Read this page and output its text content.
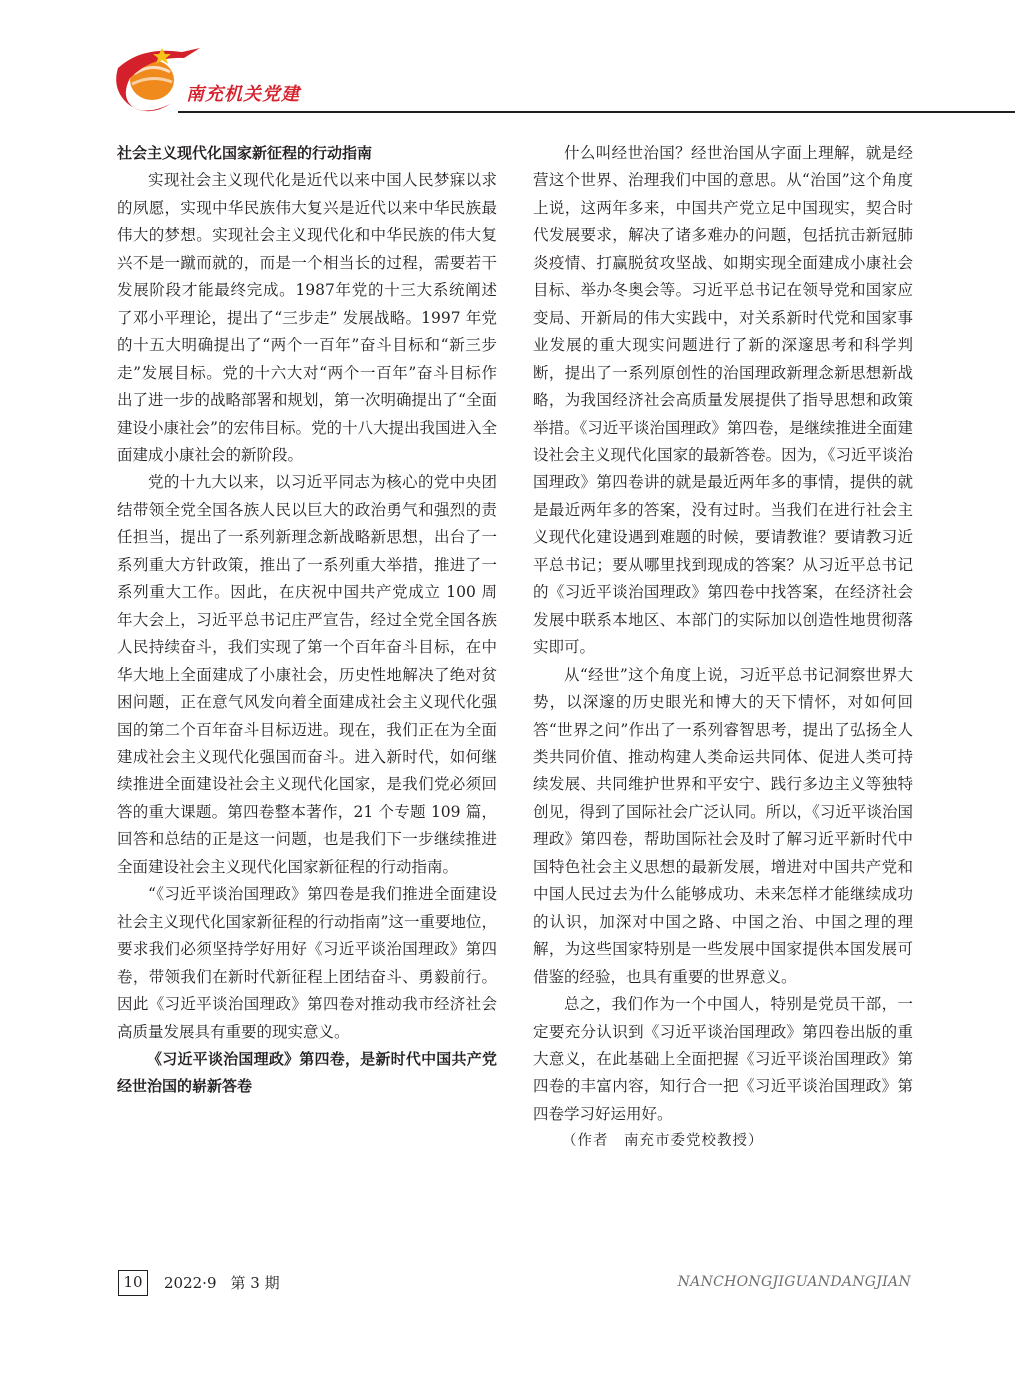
南充机关党建

社会主义现代化国家新征程的行动指南

实现社会主义现代化是近代以来中国人民梦寐以求的夙愿，实现中华民族伟大复兴是近代以来中华民族最伟大的梦想。实现社会主义现代化和中华民族的伟大复兴不是一蹴而就的，而是一个相当长的过程，需要若干发展阶段才能最终完成。1987年党的十三大系统阐述了邓小平理论，提出了“三步走” 发展战略。1997 年党的十五大明确提出了“两个一百年”奋斗目标和“新三步走”发展目标。党的十六大对“两个一百年”奋斗目标作出了进一步的战略部署和规划，第一次明确提出了“全面建设小康社会”的宏伟目标。党的十八大提出我国进入全面建成小康社会的新阶段。

党的十九大以来，以习近平同志为核心的党中央团结带领全党全国各族人民以巨大的政治勇气和强烈的责任担当，提出了一系列新理念新战略新思想，出台了一系列重大方针政策，推出了一系列重大举措，推进了一系列重大工作。因此，在庆祝中国共产党成立 100 周年大会上，习近平总书记庄严宣告，经过全党全国各族人民持续奋斗，我们实现了第一个百年奋斗目标，在中华大地上全面建成了小康社会，历史性地解决了绝对贫困问题，正在意气风发向着全面建成社会主义现代化强国的第二个百年奋斗目标迈进。现在，我们正在为全面建成社会主义现代化强国而奋斗。进入新时代，如何继续推进全面建设社会主义现代化国家，是我们党必须回答的重大课题。第四卷整本著作，21 个专题 109 篇，回答和总结的正是这一问题，也是我们下一步继续推进全面建设社会主义现代化国家新征程的行动指南。

“《习近平谈治国理政》第四卷是我们推进全面建设社会主义现代化国家新征程的行动指南”这一重要地位，要求我们必须坚持学好用好《习近平谈治国理政》第四卷，带领我们在新时代新征程上团结奋斗、勇毅前行。因此《习近平谈治国理政》第四卷对推动我市经济社会高质量发展具有重要的现实意义。

《习近平谈治国理政》第四卷，是新时代中国共产党经世治国的崭新答卷

什么叫经世治国？经世治国从字面上理解，就是经营这个世界、治理我们中国的意思。从“治国”这个角度上说，这两年多来，中国共产党立足中国现实，契合时代发展要求，解决了诸多难办的问题，包括抗击新冠肺炎疫情、打赢脱贫攻坚战、如期实现全面建成小康社会目标、举办冬奥会等。习近平总书记在领导党和国家应变局、开新局的伟大实践中，对关系新时代党和国家事业发展的重大现实问题进行了新的深邃思考和科学判断，提出了一系列原创性的治国理政新理念新思想新战略，为我国经济社会高质量发展提供了指导思想和政策举措。《习近平谈治国理政》第四卷，是继续推进全面建设社会主义现代化国家的最新答卷。因为，《习近平谈治国理政》第四卷讲的就是最近两年多的事情，提供的就是最近两年多的答案，没有过时。当我们在进行社会主义现代化建设遇到难题的时候，要请教谁？要请教习近平总书记；要从哪里找到现成的答案？从习近平总书记的《习近平谈治国理政》第四卷中找答案，在经济社会发展中联系本地区、本部门的实际加以创造性地贯彻落实即可。

从“经世”这个角度上说，习近平总书记洞察世界大势，以深邃的历史眼光和博大的天下情怀，对如何回答“世界之问”作出了一系列睿智思考，提出了弘扬全人类共同价值、推动构建人类命运共同体、促进人类可持续发展、共同维护世界和平安宁、践行多边主义等独特创见，得到了国际社会广泛认同。所以，《习近平谈治国理政》第四卷，帮助国际社会及时了解习近平新时代中国特色社会主义思想的最新发展，增进对中国共产党和中国人民过去为什么能够成功、未来怎样才能继续成功的认识，加深对中国之路、中国之治、中国之理的理解，为这些国家特别是一些发展中国家提供本国发展可借鉴的经验，也具有重要的世界意义。

总之，我们作为一个中国人，特别是党员干部，一定要充分认识到《习近平谈治国理政》第四卷出版的重大意义，在此基础上全面把握《习近平谈治国理政》第四卷的丰富内容，知行合一把《习近平谈治国理政》第四卷学习好运用好。

（作者　南充市委党校教授）

10	2022·9 第 3 期	NANCHONGJIGUANDANGJIAN
